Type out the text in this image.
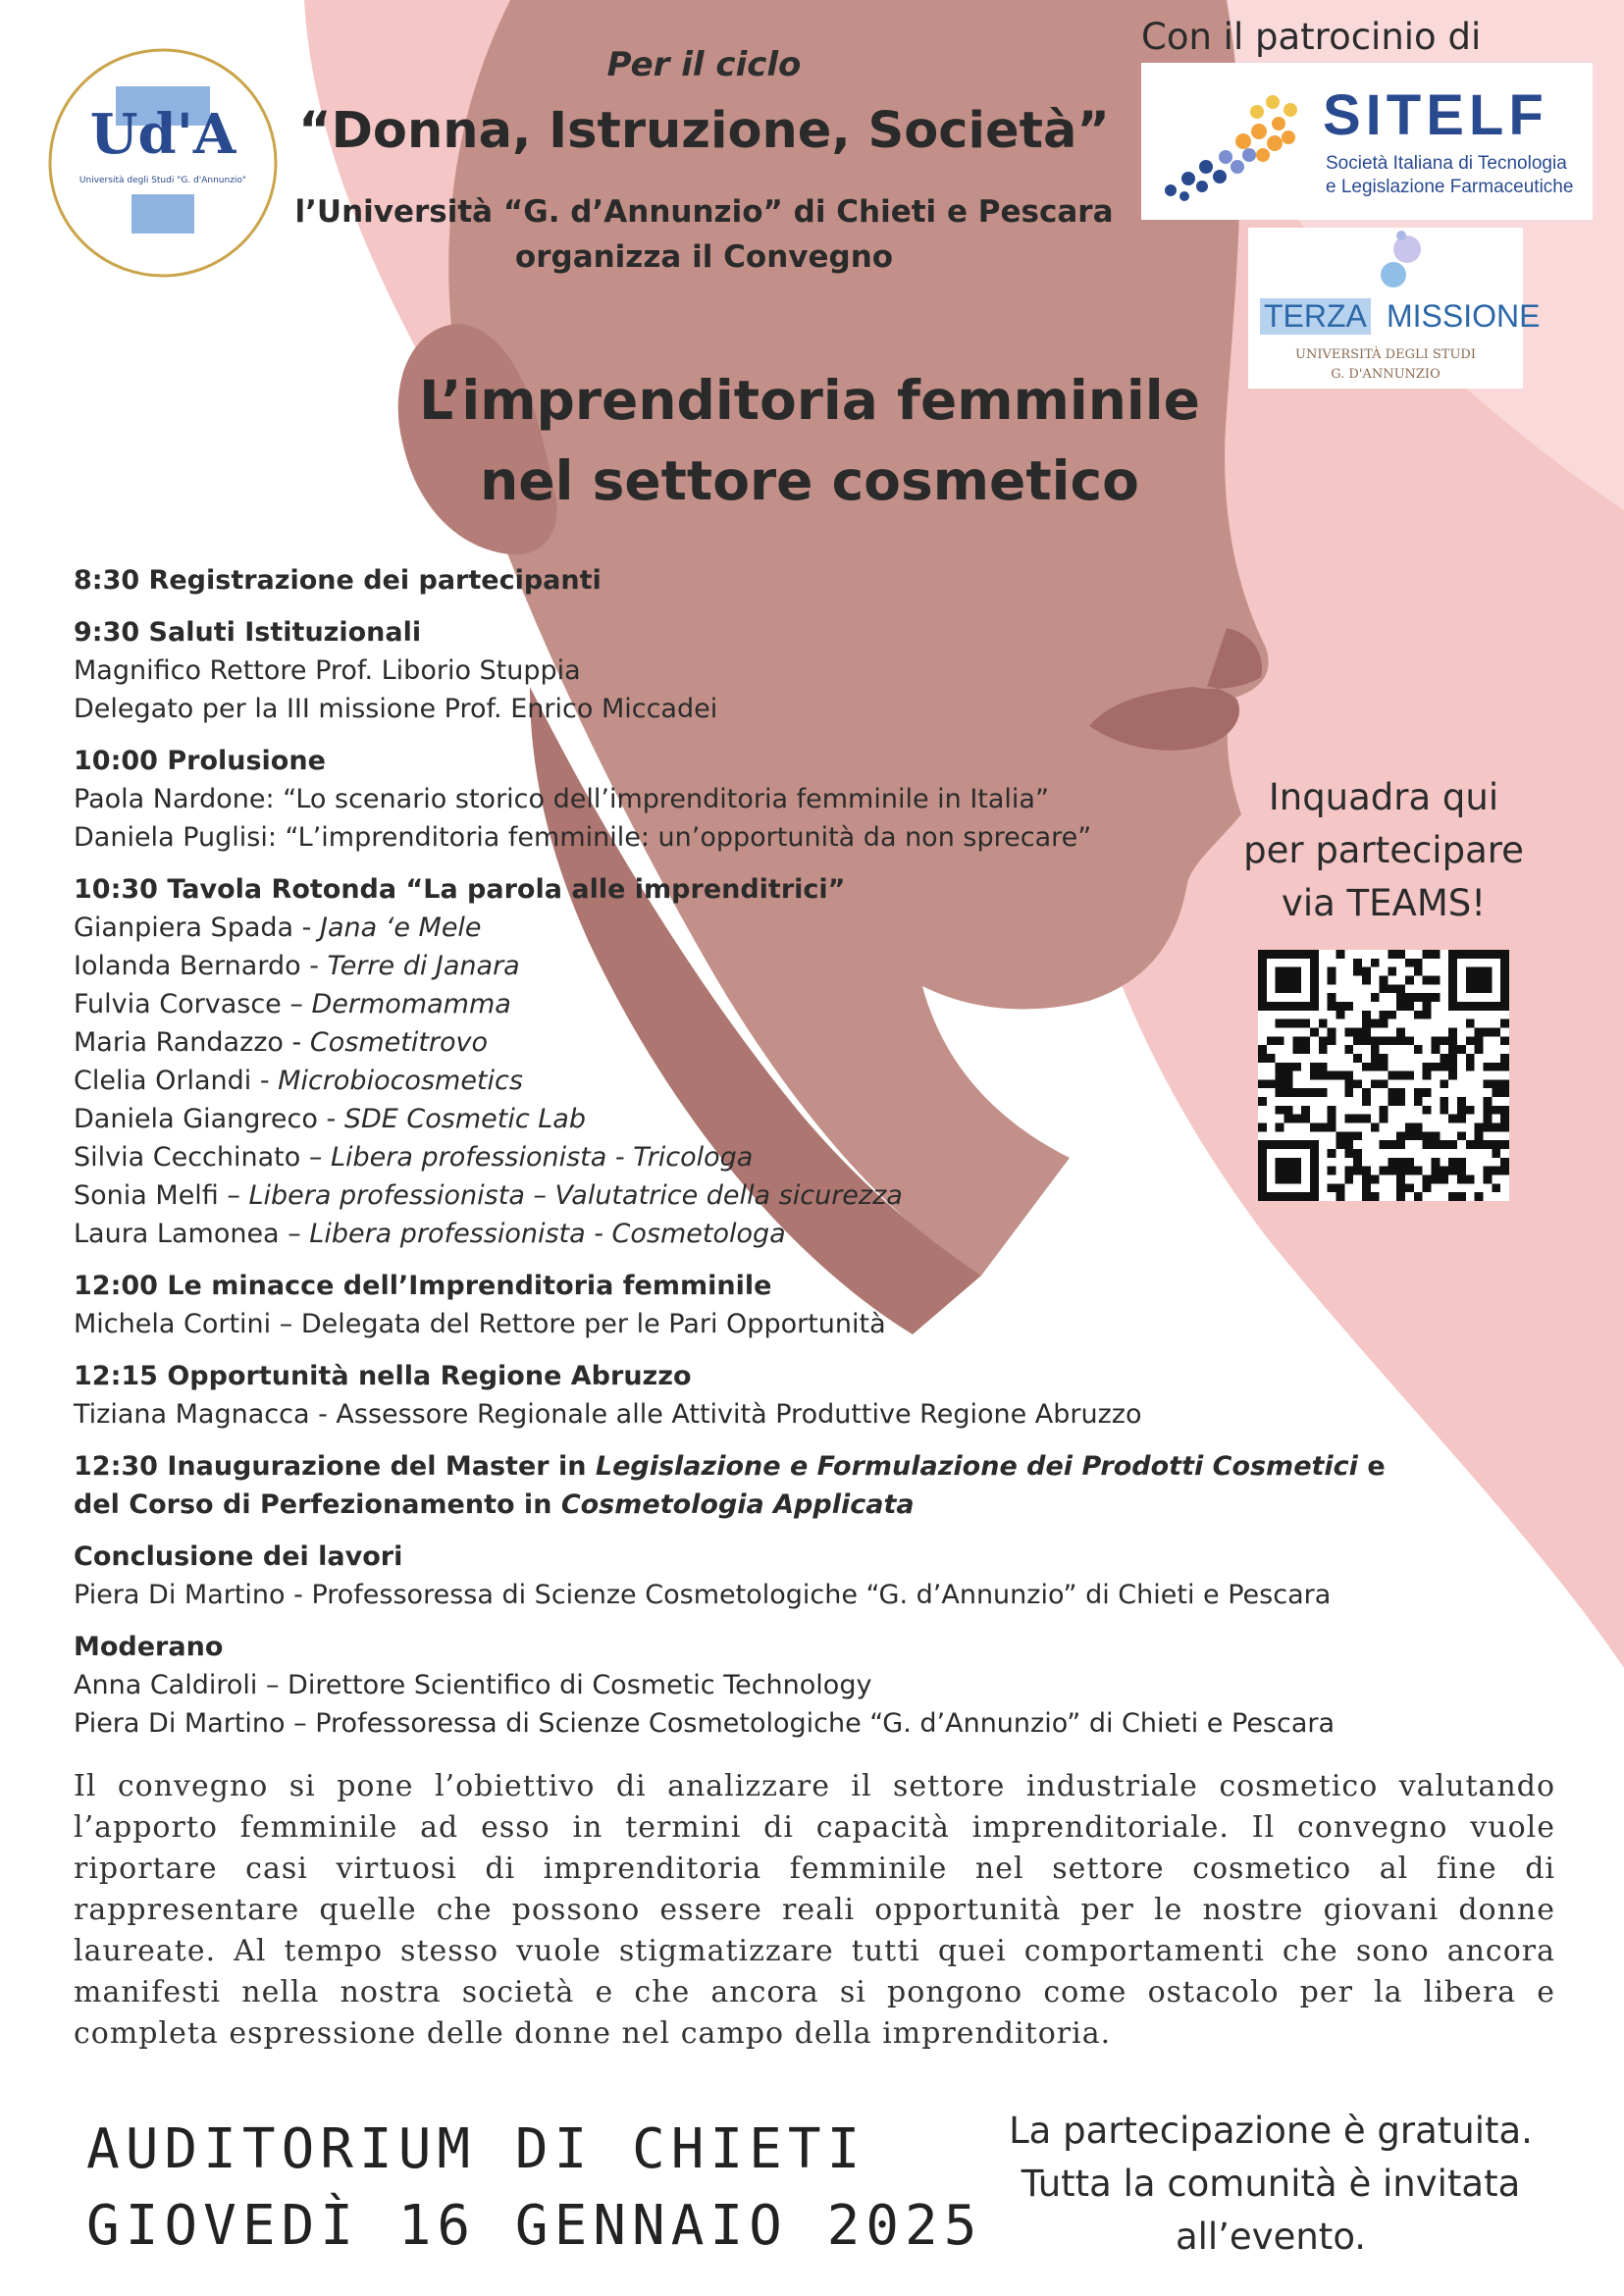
Ud'A
Università degli Studi "G. d'Annunzio"
Con il patrocinio di
SITELF
Società Italiana di Tecnologia
e Legislazione Farmaceutiche
TERZA MISSIONE
UNIVERSITÀ DEGLI STUDI
G. D'ANNUNZIO
Per il ciclo
“Donna, Istruzione, Società”
l’Università “G. d’Annunzio” di Chieti e Pescara
organizza il Convegno
L’imprenditoria femminile
nel settore cosmetico
8:30 Registrazione dei partecipanti
9:30 Saluti Istituzionali
Magnifico Rettore Prof. Liborio Stuppia
Delegato per la III missione Prof. Enrico Miccadei
10:00 Prolusione
Paola Nardone: “Lo scenario storico dell’imprenditoria femminile in Italia”
Daniela Puglisi: “L’imprenditoria femminile: un’opportunità da non sprecare”
10:30 Tavola Rotonda “La parola alle imprenditrici”
Gianpiera Spada - Jana ‘e Mele
Iolanda Bernardo - Terre di Janara
Fulvia Corvasce – Dermomamma
Maria Randazzo - Cosmetitrovo
Clelia Orlandi - Microbiocosmetics
Daniela Giangreco - SDE Cosmetic Lab
Silvia Cecchinato – Libera professionista - Tricologa
Sonia Melfi – Libera professionista – Valutatrice della sicurezza
Laura Lamonea – Libera professionista - Cosmetologa
12:00 Le minacce dell’Imprenditoria femminile
Michela Cortini – Delegata del Rettore per le Pari Opportunità
12:15 Opportunità nella Regione Abruzzo
Tiziana Magnacca - Assessore Regionale alle Attività Produttive Regione Abruzzo
12:30 Inaugurazione del Master in Legislazione e Formulazione dei Prodotti Cosmetici e del Corso di Perfezionamento in Cosmetologia Applicata
Conclusione dei lavori
Piera Di Martino - Professoressa di Scienze Cosmetologiche “G. d’Annunzio” di Chieti e Pescara
Moderano
Anna Caldiroli – Direttore Scientifico di Cosmetic Technology
Piera Di Martino – Professoressa di Scienze Cosmetologiche “G. d’Annunzio” di Chieti e Pescara
Inquadra qui
per partecipare
via TEAMS!
Il convegno si pone l’obiettivo di analizzare il settore industriale cosmetico valutando l’apporto femminile ad esso in termini di capacità imprenditoriale. Il convegno vuole riportare casi virtuosi di imprenditoria femminile nel settore cosmetico al fine di rappresentare quelle che possono essere reali opportunità per le nostre giovani donne laureate. Al tempo stesso vuole stigmatizzare tutti quei comportamenti che sono ancora manifesti nella nostra società e che ancora si pongono come ostacolo per la libera e completa espressione delle donne nel campo della imprenditoria.
AUDITORIUM DI CHIETI
GIOVEDÌ 16 GENNAIO 2025
La partecipazione è gratuita.
Tutta la comunità è invitata
all’evento.
